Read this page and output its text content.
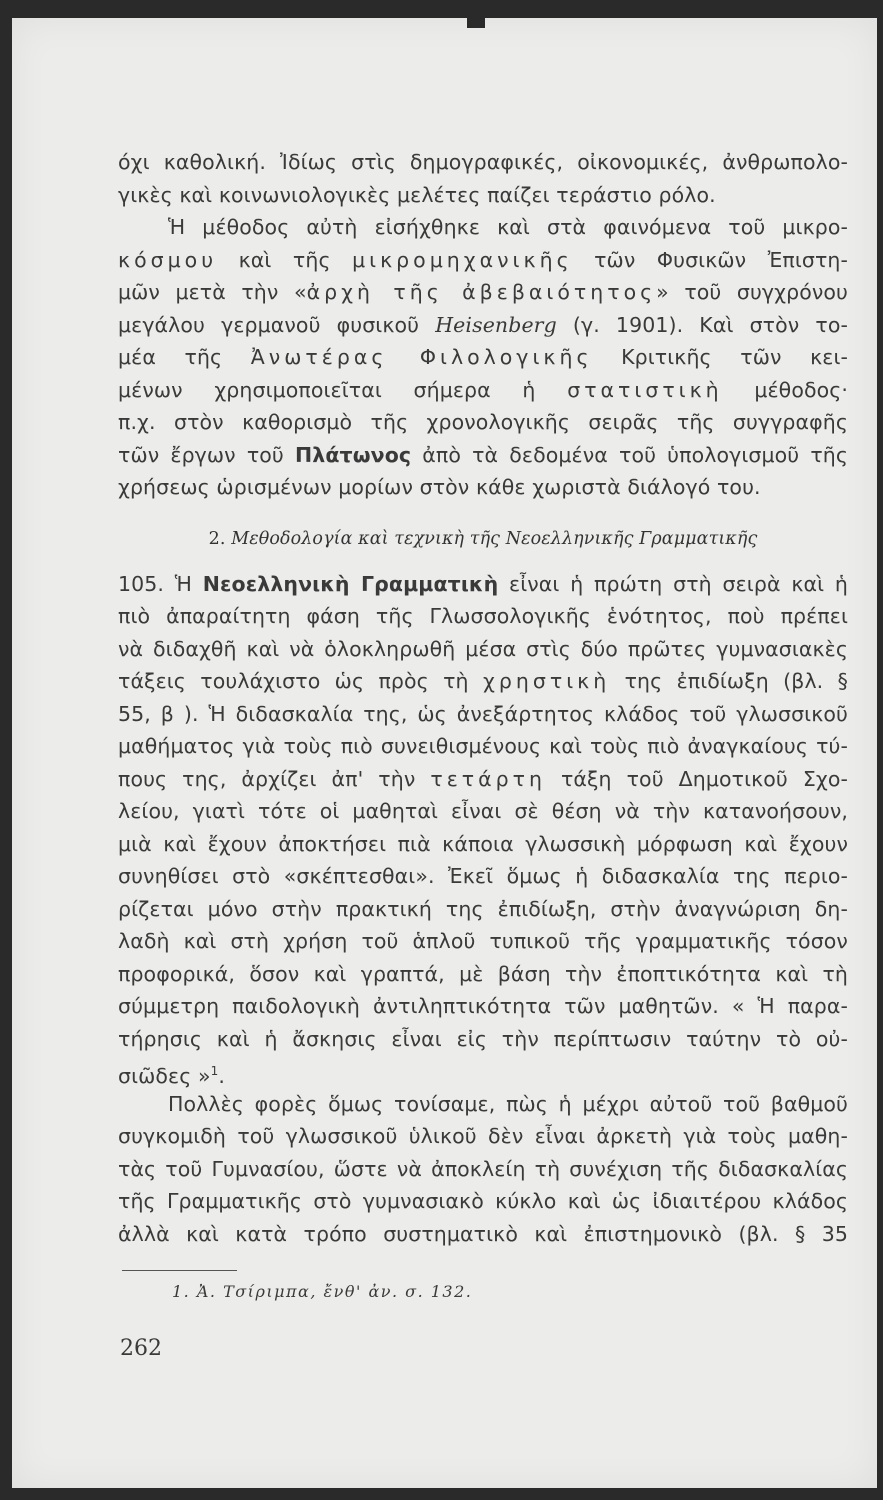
όχι καθολική. Ἰδίως στὶς δημογραφικές, οἰκονομικές, ἀνθρωπολο-
γικὲς καὶ κοινωνιολογικὲς μελέτες παίζει τεράστιο ρόλο.
Ἡ μέθοδος αὐτὴ εἰσήχθηκε καὶ στὰ φαινόμενα τοῦ μικρο-
κόσμου καὶ τῆς μικρομηχανικῆς τῶν Φυσικῶν Ἐπιστη-
μῶν μετὰ τὴν «ἀρχὴ τῆς ἀβεβαιότητος» τοῦ συγχρόνου
μεγάλου γερμανοῦ φυσικοῦ Heisenberg (γ. 1901). Καὶ στὸν το-
μέα τῆς Ἀνωτέρας Φιλολογικῆς Κριτικῆς τῶν κει-
μένων χρησιμοποιεῖται σήμερα ἡ στατιστικὴ μέθοδος·
π.χ. στὸν καθορισμὸ τῆς χρονολογικῆς σειρᾶς τῆς συγγραφῆς
τῶν ἔργων τοῦ Πλάτωνος ἀπὸ τὰ δεδομένα τοῦ ὑπολογισμοῦ τῆς
χρήσεως ὡρισμένων μορίων στὸν κάθε χωριστὰ διάλογό του.
2. Μεθοδολογία καὶ τεχνικὴ τῆς Νεοελληνικῆς Γραμματικῆς
105. Ἡ Νεοελληνικὴ Γραμματικὴ εἶναι ἡ πρώτη στὴ σειρὰ καὶ ἡ
πιὸ ἀπαραίτητη φάση τῆς Γλωσσολογικῆς ἑνότητος, ποὺ πρέπει
νὰ διδαχθῆ καὶ νὰ ὁλοκληρωθῆ μέσα στὶς δύο πρῶτες γυμνασιακὲς
τάξεις τουλάχιστο ὡς πρὸς τὴ χρηστικὴ της ἐπιδίωξη (βλ. §
55, β ). Ἡ διδασκαλία της, ὡς ἀνεξάρτητος κλάδος τοῦ γλωσσικοῦ
μαθήματος γιὰ τοὺς πιὸ συνειθισμένους καὶ τοὺς πιὸ ἀναγκαίους τύ-
πους της, ἀρχίζει ἀπ' τὴν τετάρτη τάξη τοῦ Δημοτικοῦ Σχο-
λείου, γιατὶ τότε οἱ μαθηταὶ εἶναι σὲ θέση νὰ τὴν κατανοήσουν,
μιὰ καὶ ἔχουν ἀποκτήσει πιὰ κάποια γλωσσικὴ μόρφωση καὶ ἔχουν
συνηθίσει στὸ «σκέπτεσθαι». Ἐκεῖ ὅμως ἡ διδασκαλία της περιο-
ρίζεται μόνο στὴν πρακτική της ἐπιδίωξη, στὴν ἀναγνώριση δη-
λαδὴ καὶ στὴ χρήση τοῦ ἁπλοῦ τυπικοῦ τῆς γραμματικῆς τόσον
προφορικά, ὅσον καὶ γραπτά, μὲ βάση τὴν ἐποπτικότητα καὶ τὴ
σύμμετρη παιδολογικὴ ἀντιληπτικότητα τῶν μαθητῶν. « Ἡ παρα-
τήρησις καὶ ἡ ἄσκησις εἶναι εἰς τὴν περίπτωσιν ταύτην τὸ οὐ-
σιῶδες »$^1$.
Πολλὲς φορὲς ὅμως τονίσαμε, πὼς ἡ μέχρι αὐτοῦ τοῦ βαθμοῦ
συγκομιδὴ τοῦ γλωσσικοῦ ὑλικοῦ δὲν εἶναι ἀρκετὴ γιὰ τοὺς μαθη-
τὰς τοῦ Γυμνασίου, ὥστε νὰ ἀποκλείη τὴ συνέχιση τῆς διδασκαλίας
τῆς Γραμματικῆς στὸ γυμνασιακὸ κύκλο καὶ ὡς ἰδιαιτέρου κλάδος
ἀλλὰ καὶ κατὰ τρόπο συστηματικὸ καὶ ἐπιστημονικὸ (βλ. § 35
1. Ἀ. Τσίριμπα, ἔνθ' ἀν. σ. 132.
262
